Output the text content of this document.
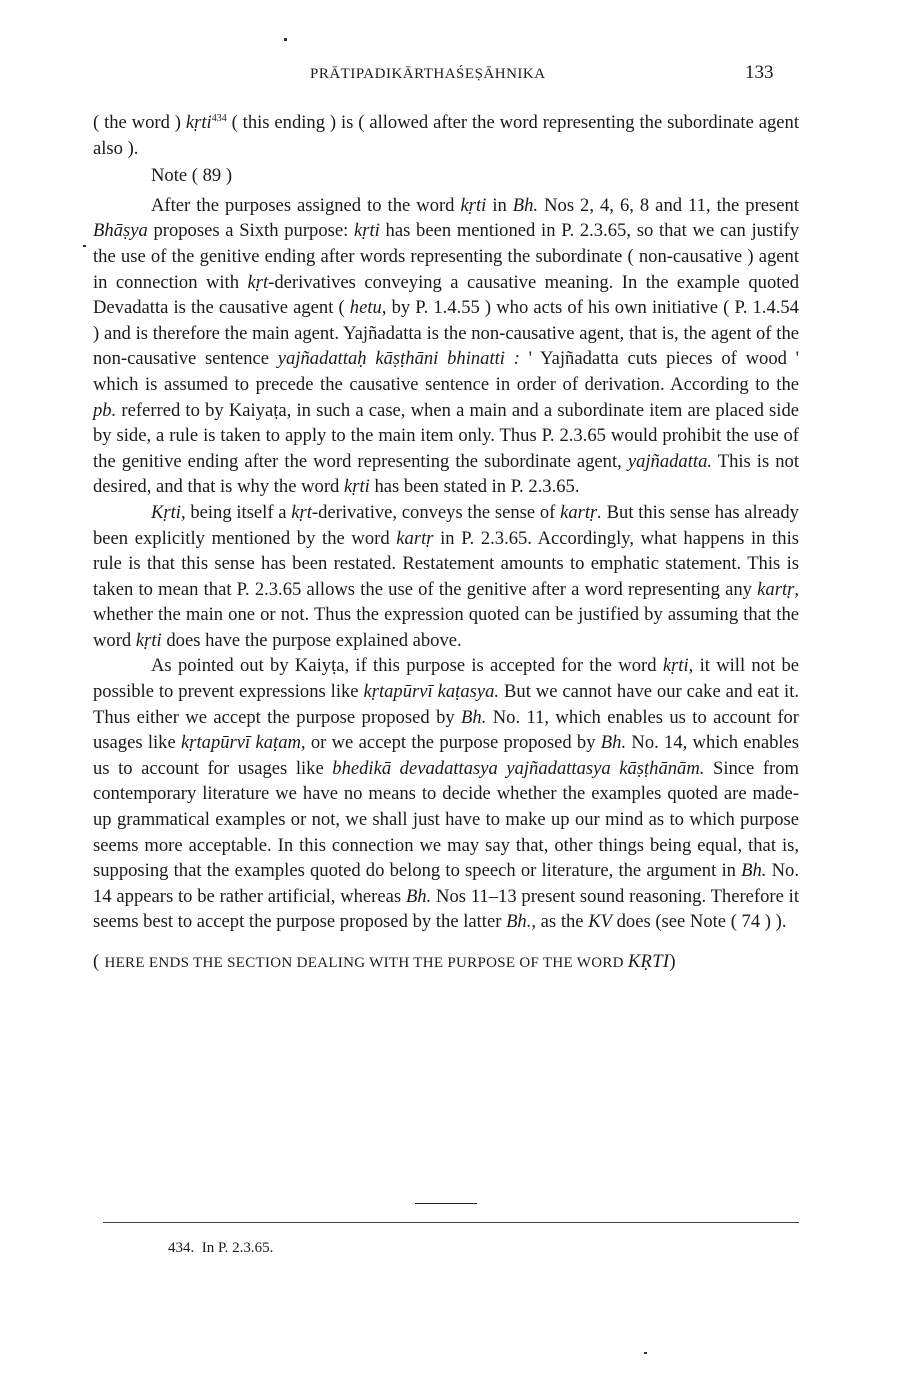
PRĀTIPADIKĀRTHAŚEṢĀHNIKA	133

( the word ) kṛti$^{434}$ ( this ending ) is ( allowed after the word representing the subordinate agent also ).

Note ( 89 )

After the purposes assigned to the word kṛti in Bh. Nos 2, 4, 6, 8 and 11, the present Bhāṣya proposes a Sixth purpose: kṛti has been mentioned in P. 2.3.65, so that we can justify the use of the genitive ending after words representing the subordinate ( non-causative ) agent in connection with kṛt-derivatives conveying a causative meaning. In the example quoted Devadatta is the causative agent ( hetu, by P. 1.4.55 ) who acts of his own initiative ( P. 1.4.54 ) and is therefore the main agent. Yajñadatta is the non-causative agent, that is, the agent of the non-causative sentence yajñadattaḥ kāṣṭhāni bhinatti : ' Yajñadatta cuts pieces of wood ' which is assumed to precede the causative sentence in order of derivation. According to the pb. referred to by Kaiyaṭa, in such a case, when a main and a subordinate item are placed side by side, a rule is taken to apply to the main item only. Thus P. 2.3.65 would prohibit the use of the genitive ending after the word representing the subordinate agent, yajñadatta. This is not desired, and that is why the word kṛti has been stated in P. 2.3.65.

Kṛti, being itself a kṛt-derivative, conveys the sense of kartṛ. But this sense has already been explicitly mentioned by the word kartṛ in P. 2.3.65. Accordingly, what happens in this rule is that this sense has been restated. Restatement amounts to emphatic statement. This is taken to mean that P. 2.3.65 allows the use of the genitive after a word representing any kartṛ, whether the main one or not. Thus the expression quoted can be justified by assuming that the word kṛti does have the purpose explained above.

As pointed out by Kaiyṭa, if this purpose is accepted for the word kṛti, it will not be possible to prevent expressions like kṛtapūrvī kaṭasya. But we cannot have our cake and eat it. Thus either we accept the purpose proposed by Bh. No. 11, which enables us to account for usages like kṛtapūrvī kaṭam, or we accept the purpose proposed by Bh. No. 14, which enables us to account for usages like bhedikā devadattasya yajñadattasya kāṣṭhānām. Since from contemporary literature we have no means to decide whether the examples quoted are made-up grammatical examples or not, we shall just have to make up our mind as to which purpose seems more acceptable. In this connection we may say that, other things being equal, that is, supposing that the examples quoted do belong to speech or literature, the argument in Bh. No. 14 appears to be rather artificial, whereas Bh. Nos 11–13 present sound reasoning. Therefore it seems best to accept the purpose proposed by the latter Bh., as the KV does (see Note ( 74 ) ).

( HERE ENDS THE SECTION DEALING WITH THE PURPOSE OF THE WORD KṚTI)

434. In P. 2.3.65.
